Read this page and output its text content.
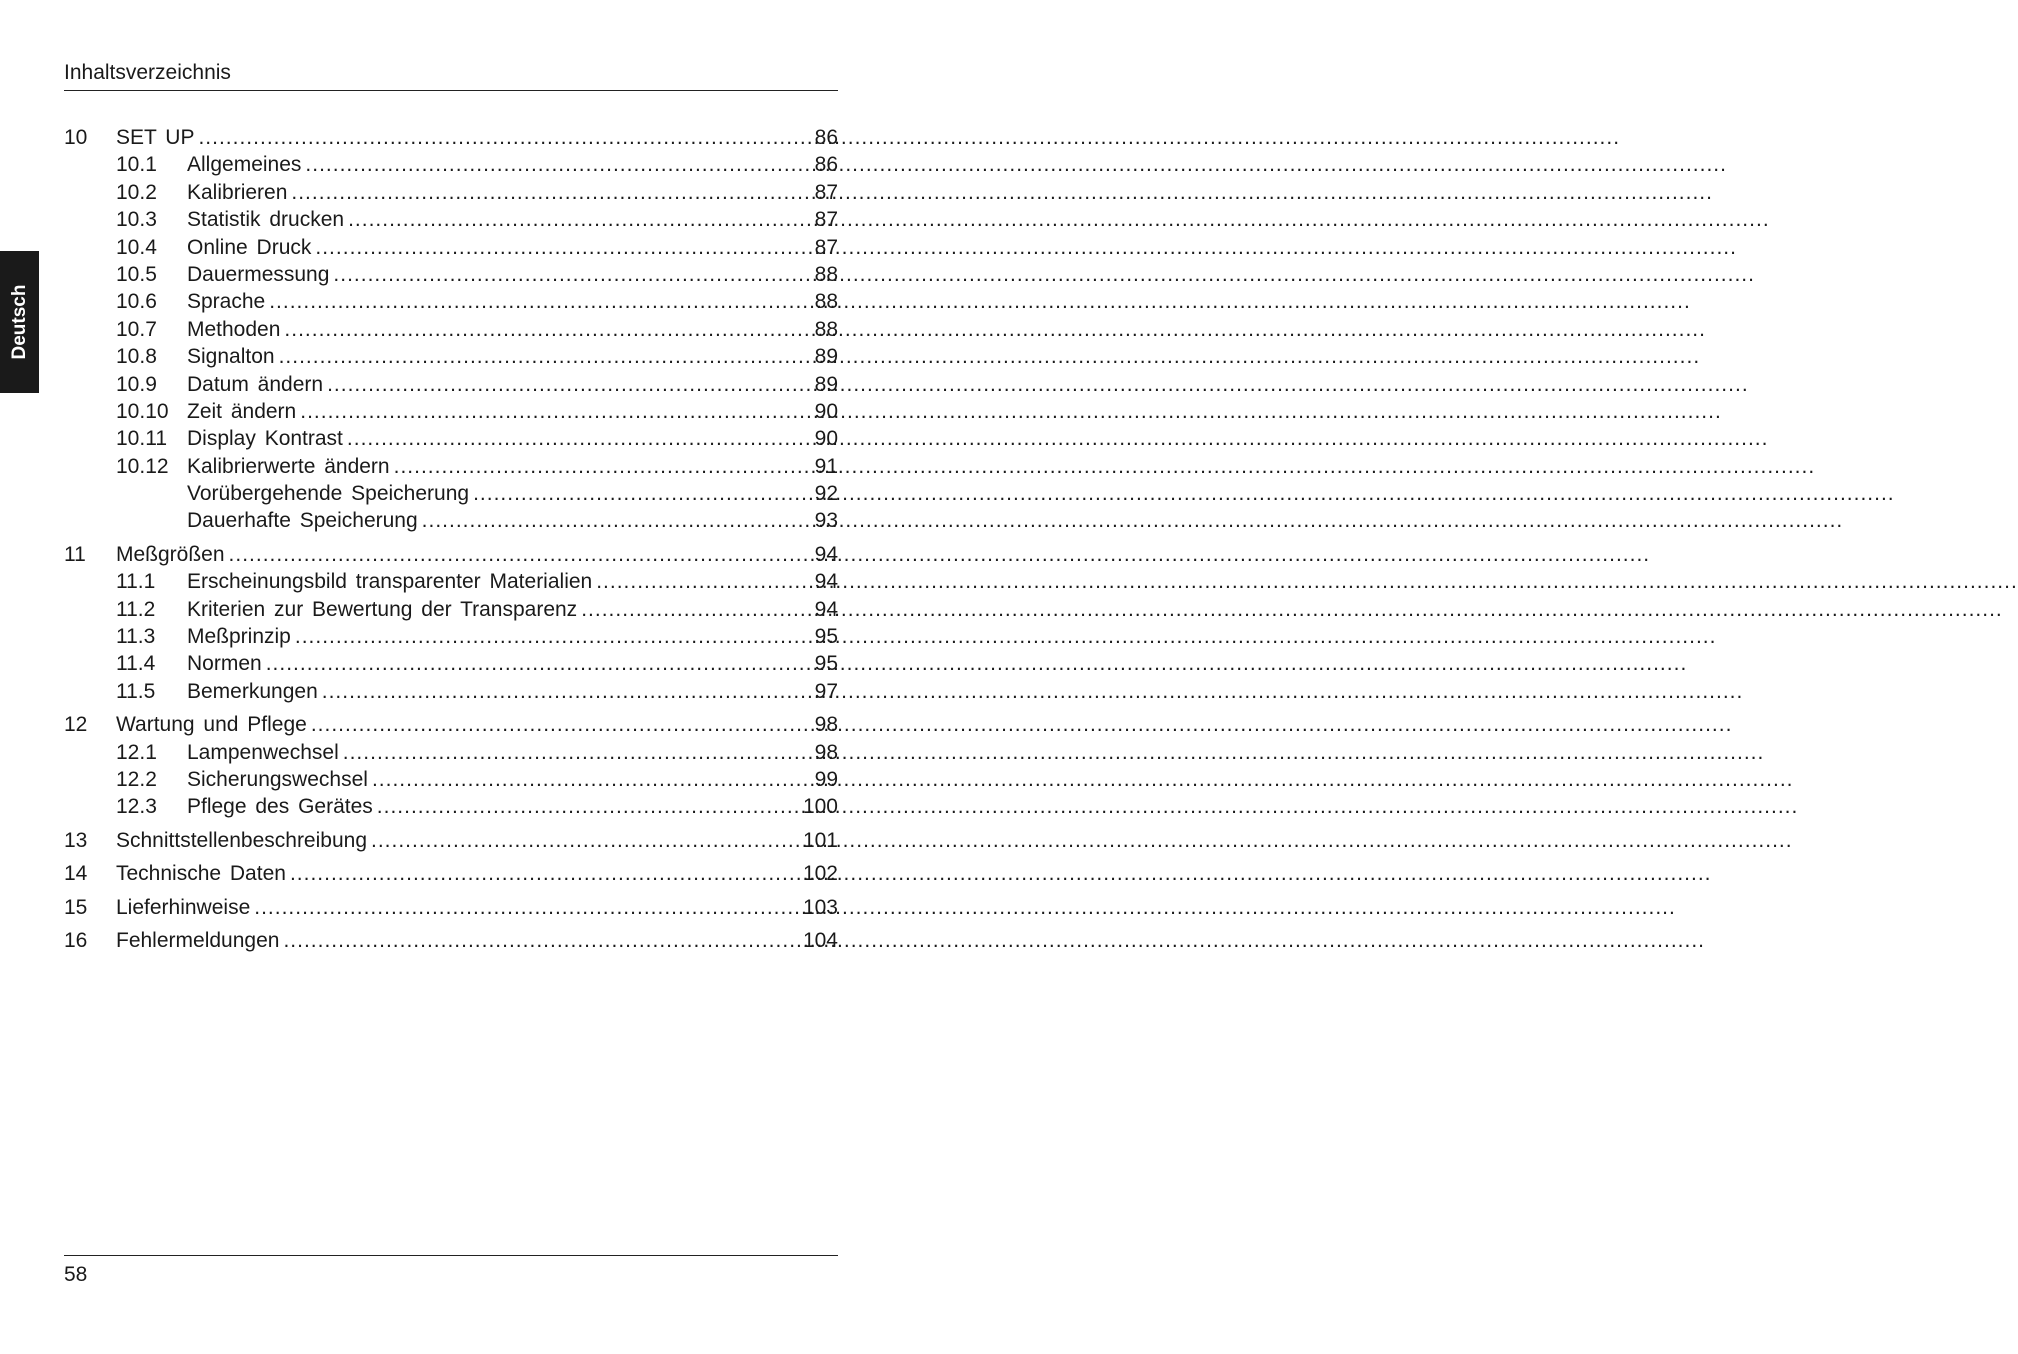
Inhaltsverzeichnis
Deutsch
10	SET UP .....	86
10.1	Allgemeines .....	86
10.2	Kalibrieren .....	87
10.3	Statistik drucken .....	87
10.4	Online Druck .....	87
10.5	Dauermessung .....	88
10.6	Sprache .....	88
10.7	Methoden .....	88
10.8	Signalton .....	89
10.9	Datum ändern .....	89
10.10 Zeit ändern .....	90
10.11 Display Kontrast .....	90
10.12 Kalibrierwerte ändern .....	91
Vorübergehende Speicherung .....	92
Dauerhafte Speicherung .....	93
11	Meßgrößen .....	94
11.1	Erscheinungsbild transparenter Materialien .....	94
11.2	Kriterien zur Bewertung der Transparenz .....	94
11.3	Meßprinzip .....	95
11.4	Normen .....	95
11.5	Bemerkungen .....	97
12	Wartung und Pflege .....	98
12.1	Lampenwechsel .....	98
12.2	Sicherungswechsel .....	99
12.3	Pflege des Gerätes .....	100
13	Schnittstellenbeschreibung .....	101
14	Technische Daten .....	102
15	Lieferhinweise .....	103
16	Fehlermeldungen .....	104
58
